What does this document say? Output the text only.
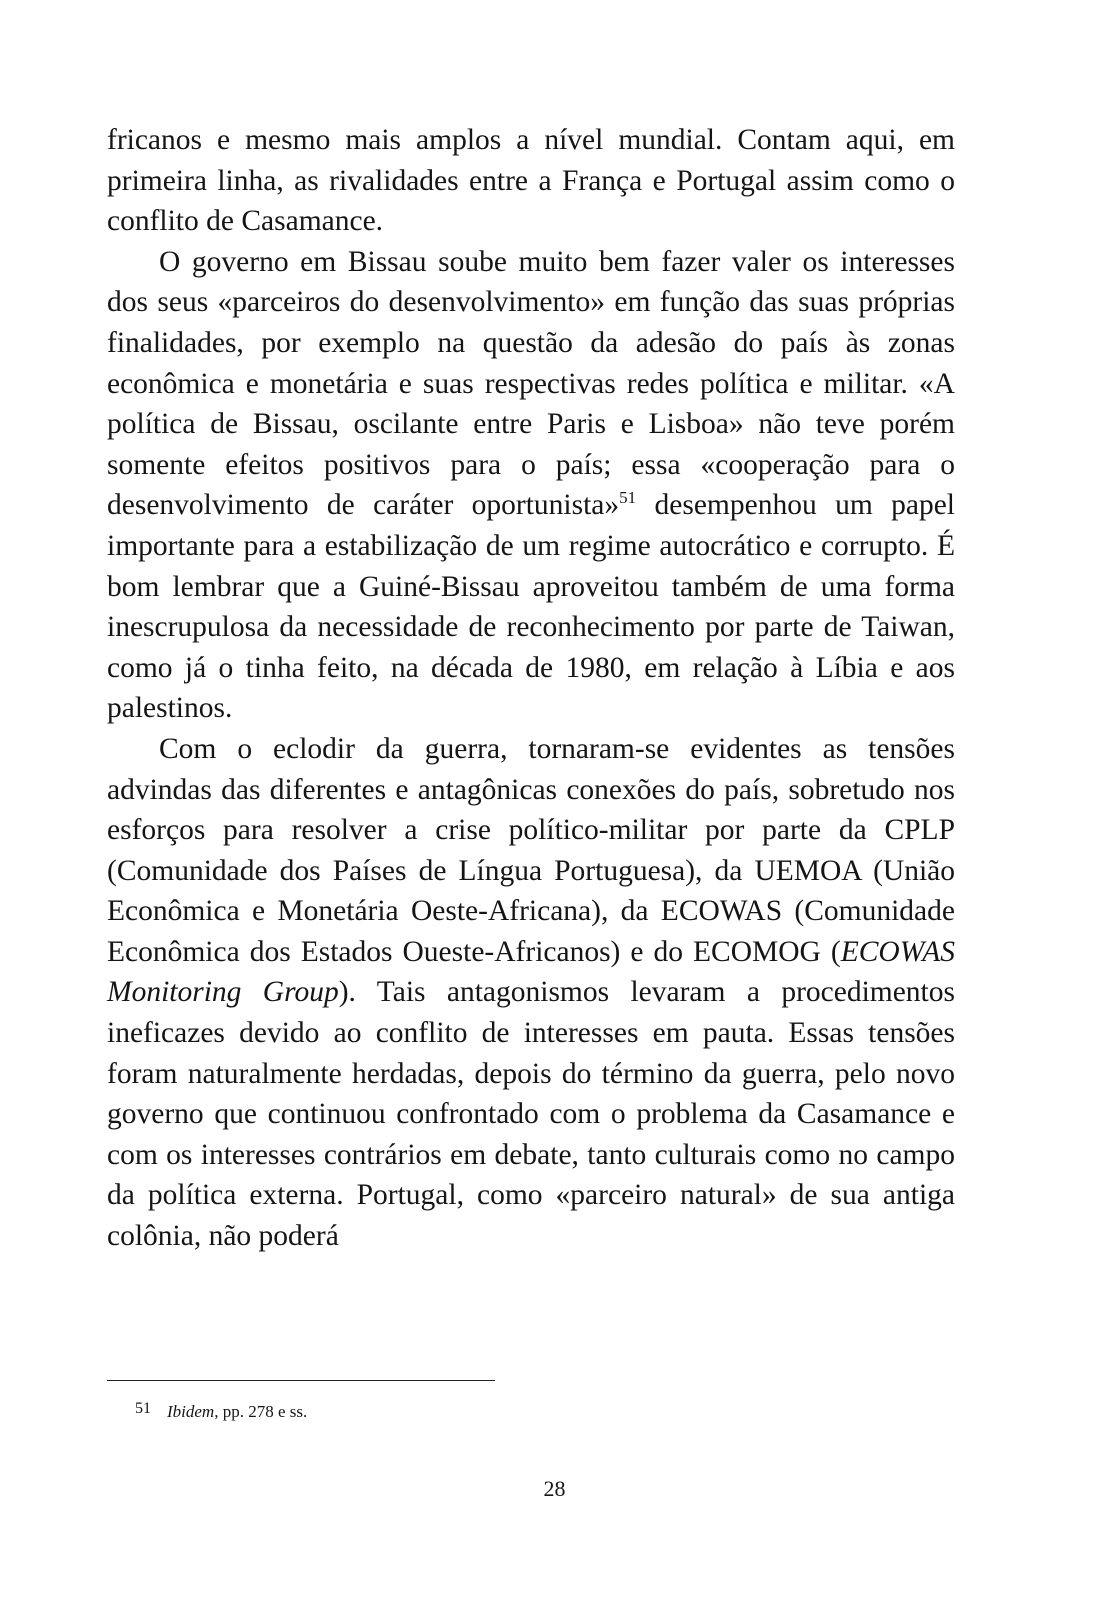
fricanos e mesmo mais amplos a nível mundial. Contam aqui, em primeira linha, as rivalidades entre a França e Portugal assim como o conflito de Casamance.

O governo em Bissau soube muito bem fazer valer os interesses dos seus «parceiros do desenvolvimento» em função das suas próprias finalidades, por exemplo na questão da adesão do país às zonas econômica e monetária e suas respectivas redes política e militar. «A política de Bissau, oscilante entre Paris e Lisboa» não teve porém somente efeitos positivos para o país; essa «cooperação para o desenvolvimento de caráter oportunista»$^{51}$ desempenhou um papel importante para a estabilização de um regime autocrático e corrupto. É bom lembrar que a Guiné-Bissau aproveitou também de uma forma inescrupulosa da necessidade de reconhecimento por parte de Taiwan, como já o tinha feito, na década de 1980, em relação à Líbia e aos palestinos.

Com o eclodir da guerra, tornaram-se evidentes as tensões advindas das diferentes e antagônicas conexões do país, sobretudo nos esforços para resolver a crise político-militar por parte da CPLP (Comunidade dos Países de Língua Portuguesa), da UEMOA (União Econômica e Monetária Oeste-Africana), da ECOWAS (Comunidade Econômica dos Estados Oueste-Africanos) e do ECOMOG (ECOWAS Monitoring Group). Tais antagonismos levaram a procedimentos ineficazes devido ao conflito de interesses em pauta. Essas tensões foram naturalmente herdadas, depois do término da guerra, pelo novo governo que continuou confrontado com o problema da Casamance e com os interesses contrários em debate, tanto culturais como no campo da política externa. Portugal, como «parceiro natural» de sua antiga colônia, não poderá

51 Ibidem, pp. 278 e ss.
28
